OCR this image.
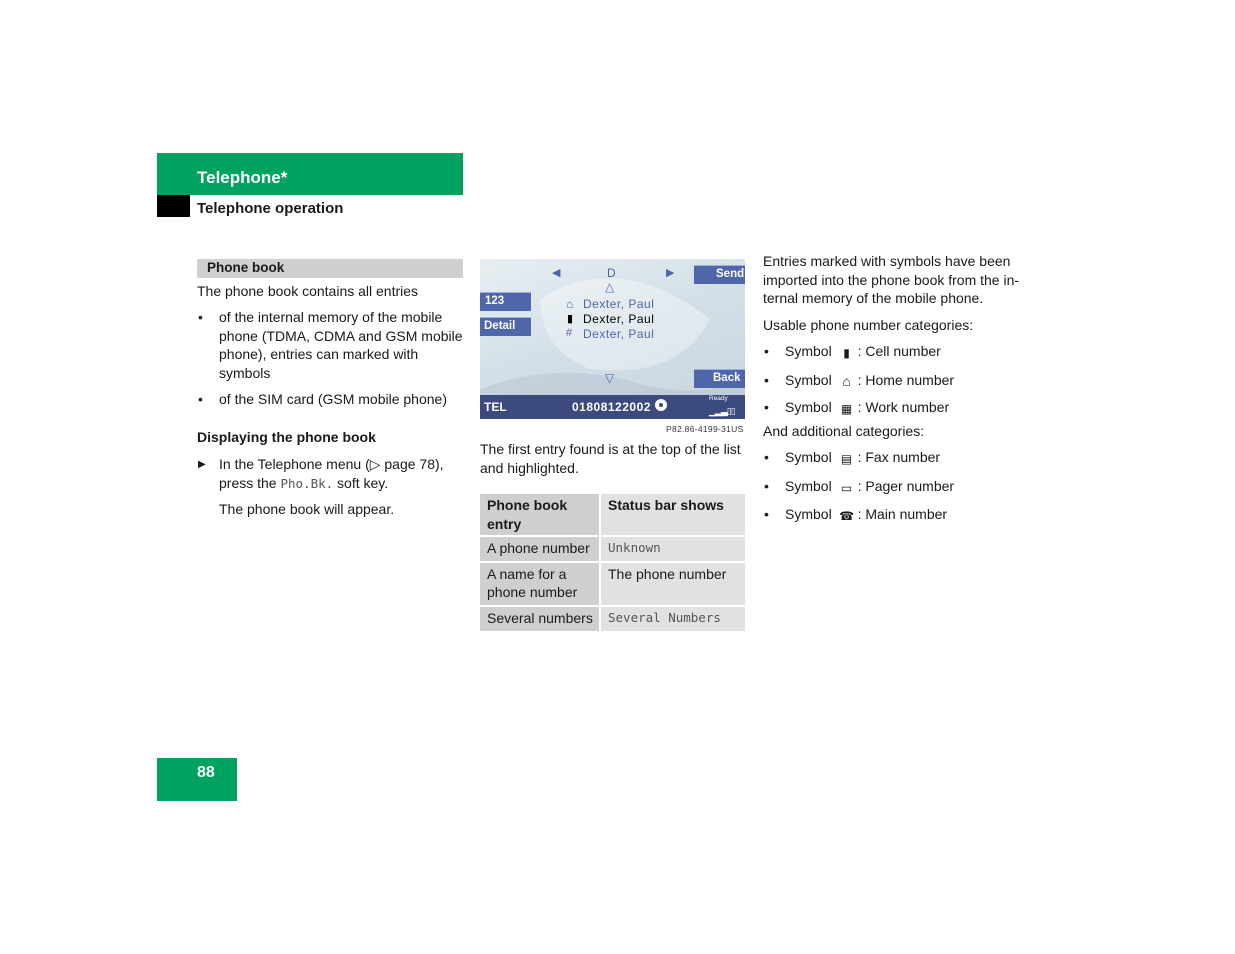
Telephone*
Telephone operation
Phone book
The phone book contains all entries
• of the internal memory of the mobile
phone (TDMA, CDMA and GSM mobile
phone), entries can marked with
symbols
• of the SIM card (GSM mobile phone)
Displaying the phone book
▶ In the Telephone menu (▷ page 78),
press the Pho.Bk. soft key.
The phone book will appear.
◀	D	▶
△
Send
123
Detail
⌂ Dexter, Paul
▮ Dexter, Paul
# Dexter, Paul
▽	Back
TEL	01808122002
Ready
▁▂▃▯▯
P82.86-4199-31US
The first entry found is at the top of the list
and highlighted.
Phone book
entry	Status bar shows

A phone number	Unknown
A name for a
phone number	The phone number
Several numbers	Several Numbers
Entries marked with symbols have been
imported into the phone book from the in-
ternal memory of the mobile phone.
Usable phone number categories:
• Symbol ▮ : Cell number
• Symbol ⌂ : Home number
• Symbol ▦ : Work number
And additional categories:
• Symbol ▤ : Fax number
• Symbol ▭ : Pager number
• Symbol ☎ : Main number
88
